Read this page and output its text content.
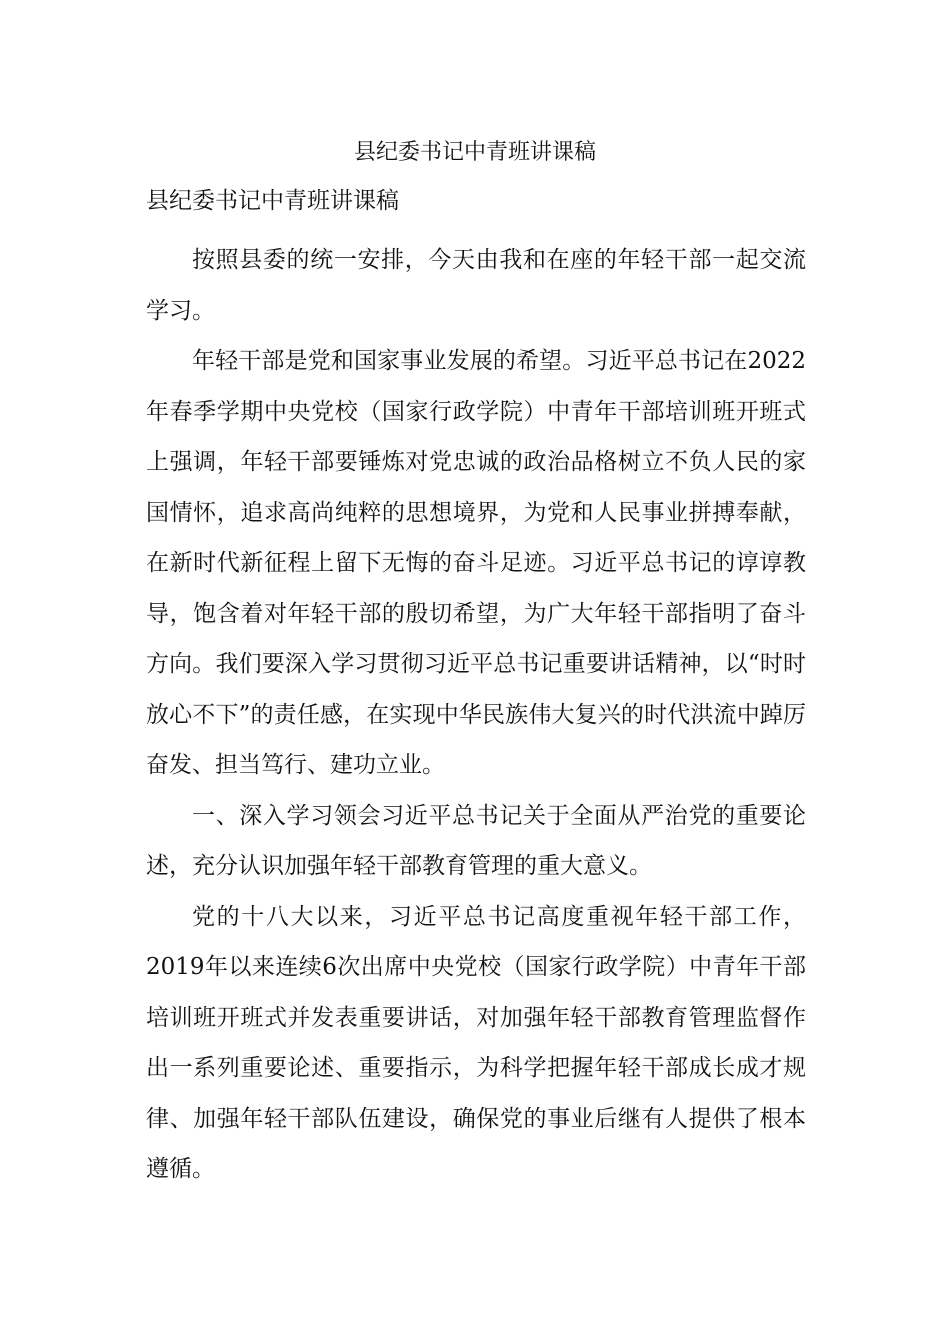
县纪委书记中青班讲课稿

县纪委书记中青班讲课稿

按照县委的统一安排，今天由我和在座的年轻干部一起交流学习。

年轻干部是党和国家事业发展的希望。习近平总书记在2022年春季学期中央党校（国家行政学院）中青年干部培训班开班式上强调，年轻干部要锤炼对党忠诚的政治品格树立不负人民的家国情怀，追求高尚纯粹的思想境界，为党和人民事业拼搏奉献，在新时代新征程上留下无悔的奋斗足迹。习近平总书记的谆谆教导，饱含着对年轻干部的殷切希望，为广大年轻干部指明了奋斗方向。我们要深入学习贯彻习近平总书记重要讲话精神，以“时时放心不下”的责任感，在实现中华民族伟大复兴的时代洪流中踔厉奋发、担当笃行、建功立业。

一、深入学习领会习近平总书记关于全面从严治党的重要论述，充分认识加强年轻干部教育管理的重大意义。

党的十八大以来，习近平总书记高度重视年轻干部工作，2019年以来连续6次出席中央党校（国家行政学院）中青年干部培训班开班式并发表重要讲话，对加强年轻干部教育管理监督作出一系列重要论述、重要指示，为科学把握年轻干部成长成才规律、加强年轻干部队伍建设，确保党的事业后继有人提供了根本遵循。
